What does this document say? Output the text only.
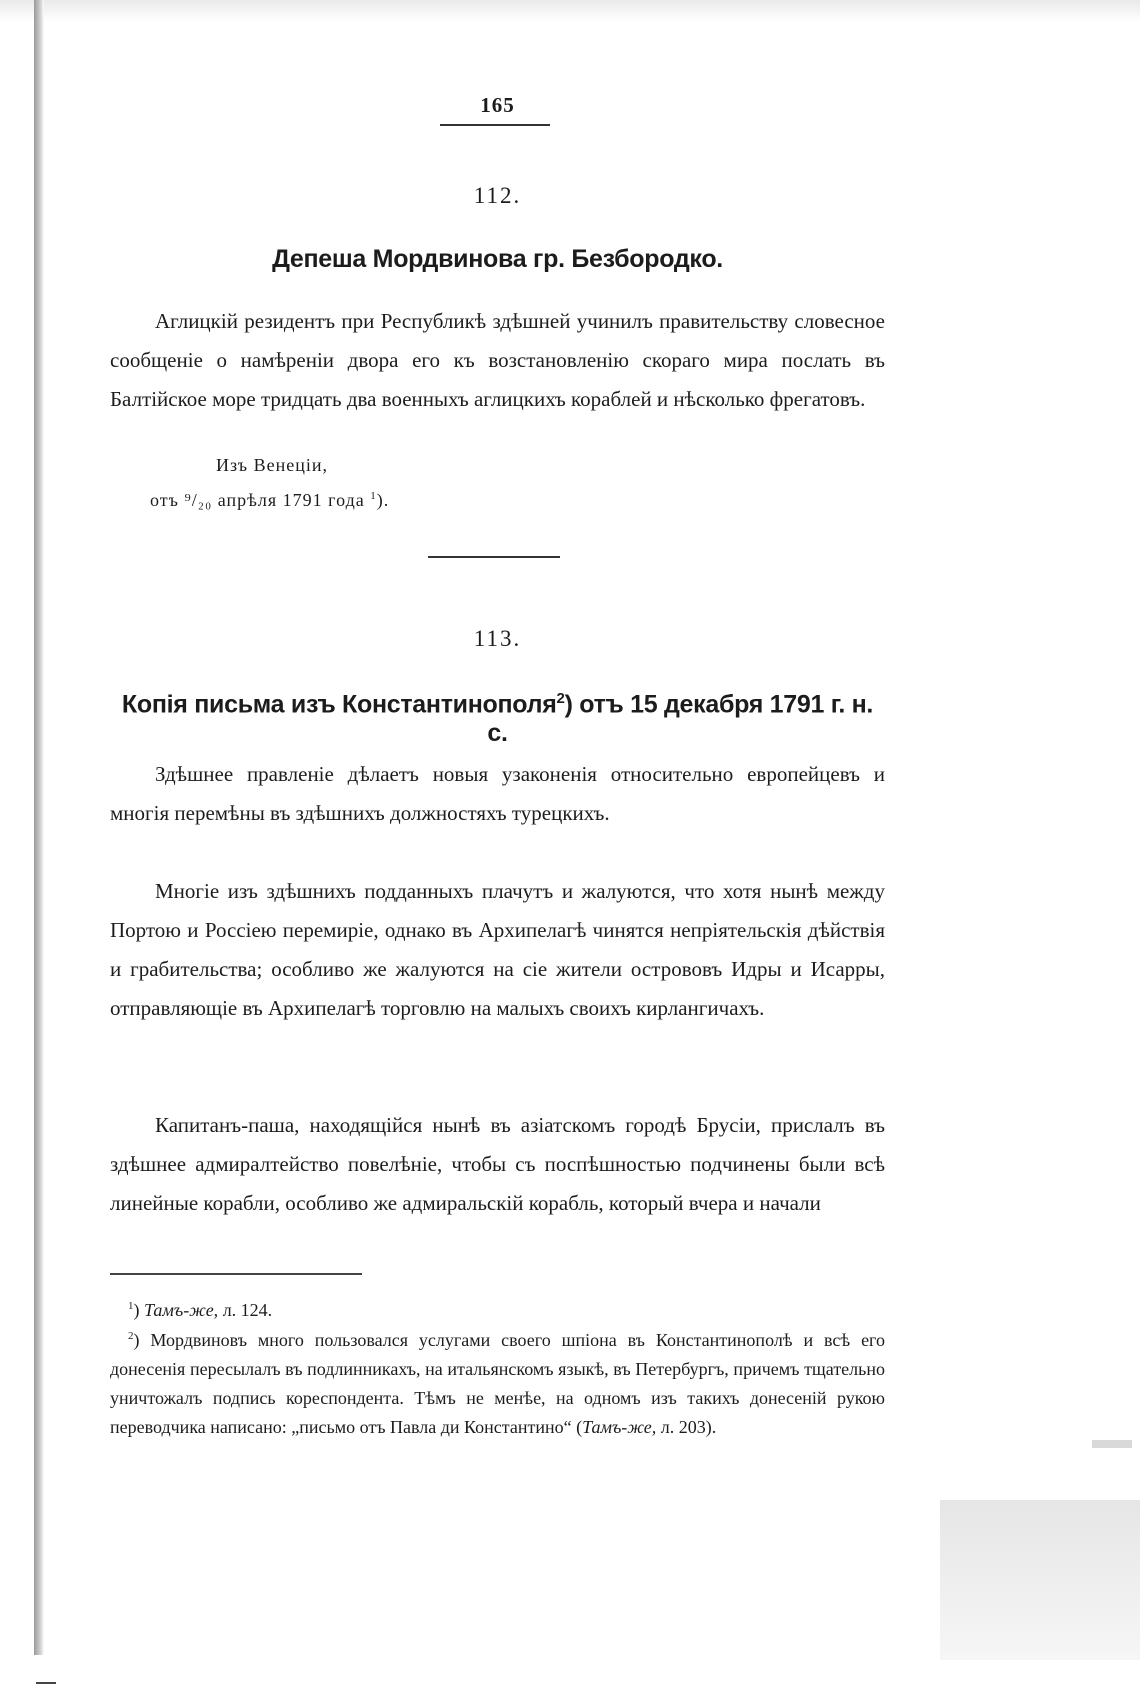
165
112.
Депеша Мордвинова гр. Безбородко.

Аглицкій резидентъ при Республикѣ здѣшней учинилъ правительству словесное сообщеніе о намѣреніи двора его къ возстановленію скораго мира послать въ Балтійское море тридцать два военныхъ аглицкихъ кораблей и нѣсколько фрегатовъ.

Изъ Венеціи,
отъ ⁹/₂₀ апрѣля 1791 года $^1$).
113.
Копія письма изъ Константинополя$^2$) отъ 15 декабря 1791 г. н. с.

Здѣшнее правленіе дѣлаетъ новыя узаконенія относительно европейцевъ и многія перемѣны въ здѣшнихъ должностяхъ турецкихъ.

Многіе изъ здѣшнихъ подданныхъ плачутъ и жалуются, что хотя нынѣ между Портою и Россіею перемиріе, однако въ Архипелагѣ чинятся непріятельскія дѣйствія и грабительства; особливо же жалуются на сіе жители острововъ Идры и Исарры, отправляющіе въ Архипелагѣ торговлю на малыхъ своихъ кирлангичахъ.

Капитанъ-паша, находящійся нынѣ въ азіатскомъ городѣ Брусіи, прислалъ въ здѣшнее адмиралтейство повелѣніе, чтобы съ поспѣшностью подчинены были всѣ линейные корабли, особливо же адмиральскій корабль, который вчера и начали

$^1$) Тамъ-же, л. 124.

$^2$) Мордвиновъ много пользовался услугами своего шпіона въ Константинополѣ и всѣ его донесенія пересылалъ въ подлинникахъ, на итальянскомъ языкѣ, въ Петербургъ, причемъ тщательно уничтожалъ подпись кореспондента. Тѣмъ не менѣе, на одномъ изъ такихъ донесеній рукою переводчика написано: „письмо отъ Павла ди Константино“ (Тамъ-же, л. 203).
